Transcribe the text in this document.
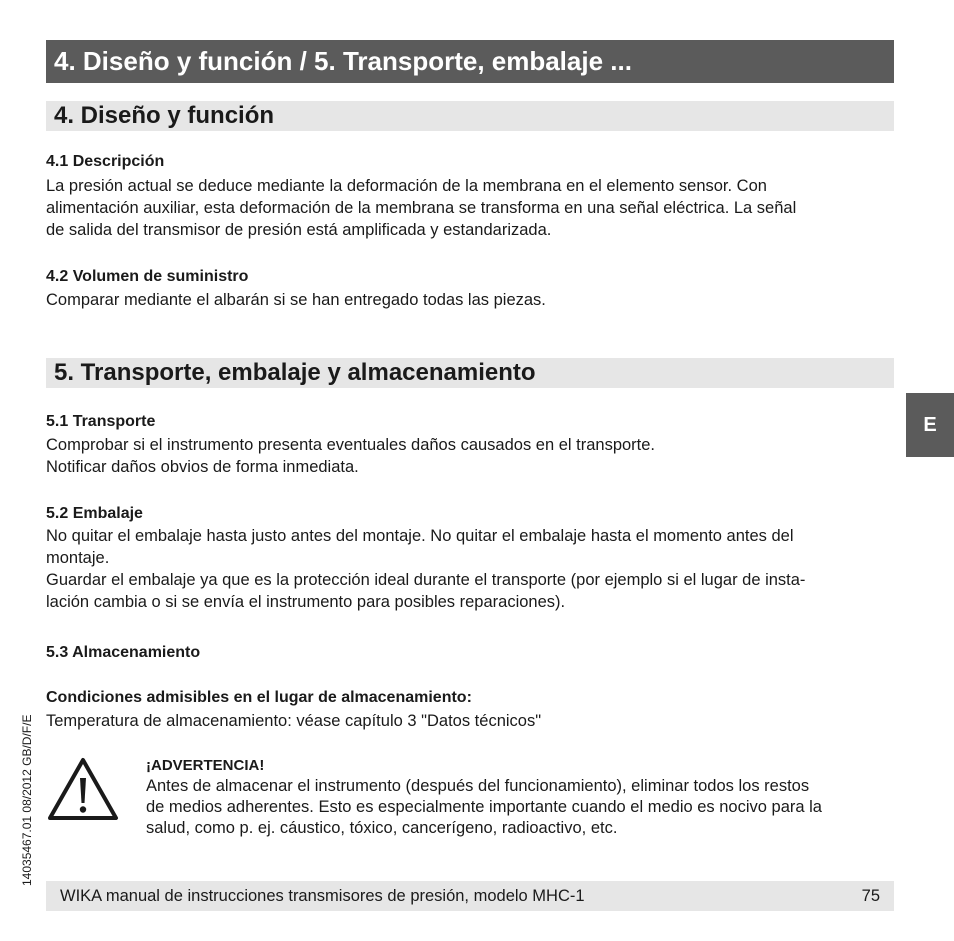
4. Diseño y función / 5. Transporte, embalaje ...
4. Diseño y función
4.1 Descripción
La presión actual se deduce mediante la deformación de la membrana en el elemento sensor. Con
alimentación auxiliar, esta deformación de la membrana se transforma en una señal eléctrica. La señal
de salida del transmisor de presión está amplificada y estandarizada.
4.2 Volumen de suministro
Comparar mediante el albarán si se han entregado todas las piezas.
5. Transporte, embalaje y almacenamiento
5.1 Transporte
Comprobar si el instrumento presenta eventuales daños causados en el transporte.
Notificar daños obvios de forma inmediata.
5.2 Embalaje
No quitar el embalaje hasta justo antes del montaje. No quitar el embalaje hasta el momento antes del
montaje.
Guardar el embalaje ya que es la protección ideal durante el transporte (por ejemplo si el lugar de insta-
lación cambia o si se envía el instrumento para posibles reparaciones).
5.3 Almacenamiento
Condiciones admisibles en el lugar de almacenamiento:
Temperatura de almacenamiento: véase capítulo 3 "Datos técnicos"
¡ADVERTENCIA!
Antes de almacenar el instrumento (después del funcionamiento), eliminar todos los restos
de medios adherentes. Esto es especialmente importante cuando el medio es nocivo para la
salud, como p. ej. cáustico, tóxico, cancerígeno, radioactivo, etc.
E
14035467.01 08/2012 GB/D/F/E
WIKA manual de instrucciones transmisores de presión, modelo MHC-1	75
